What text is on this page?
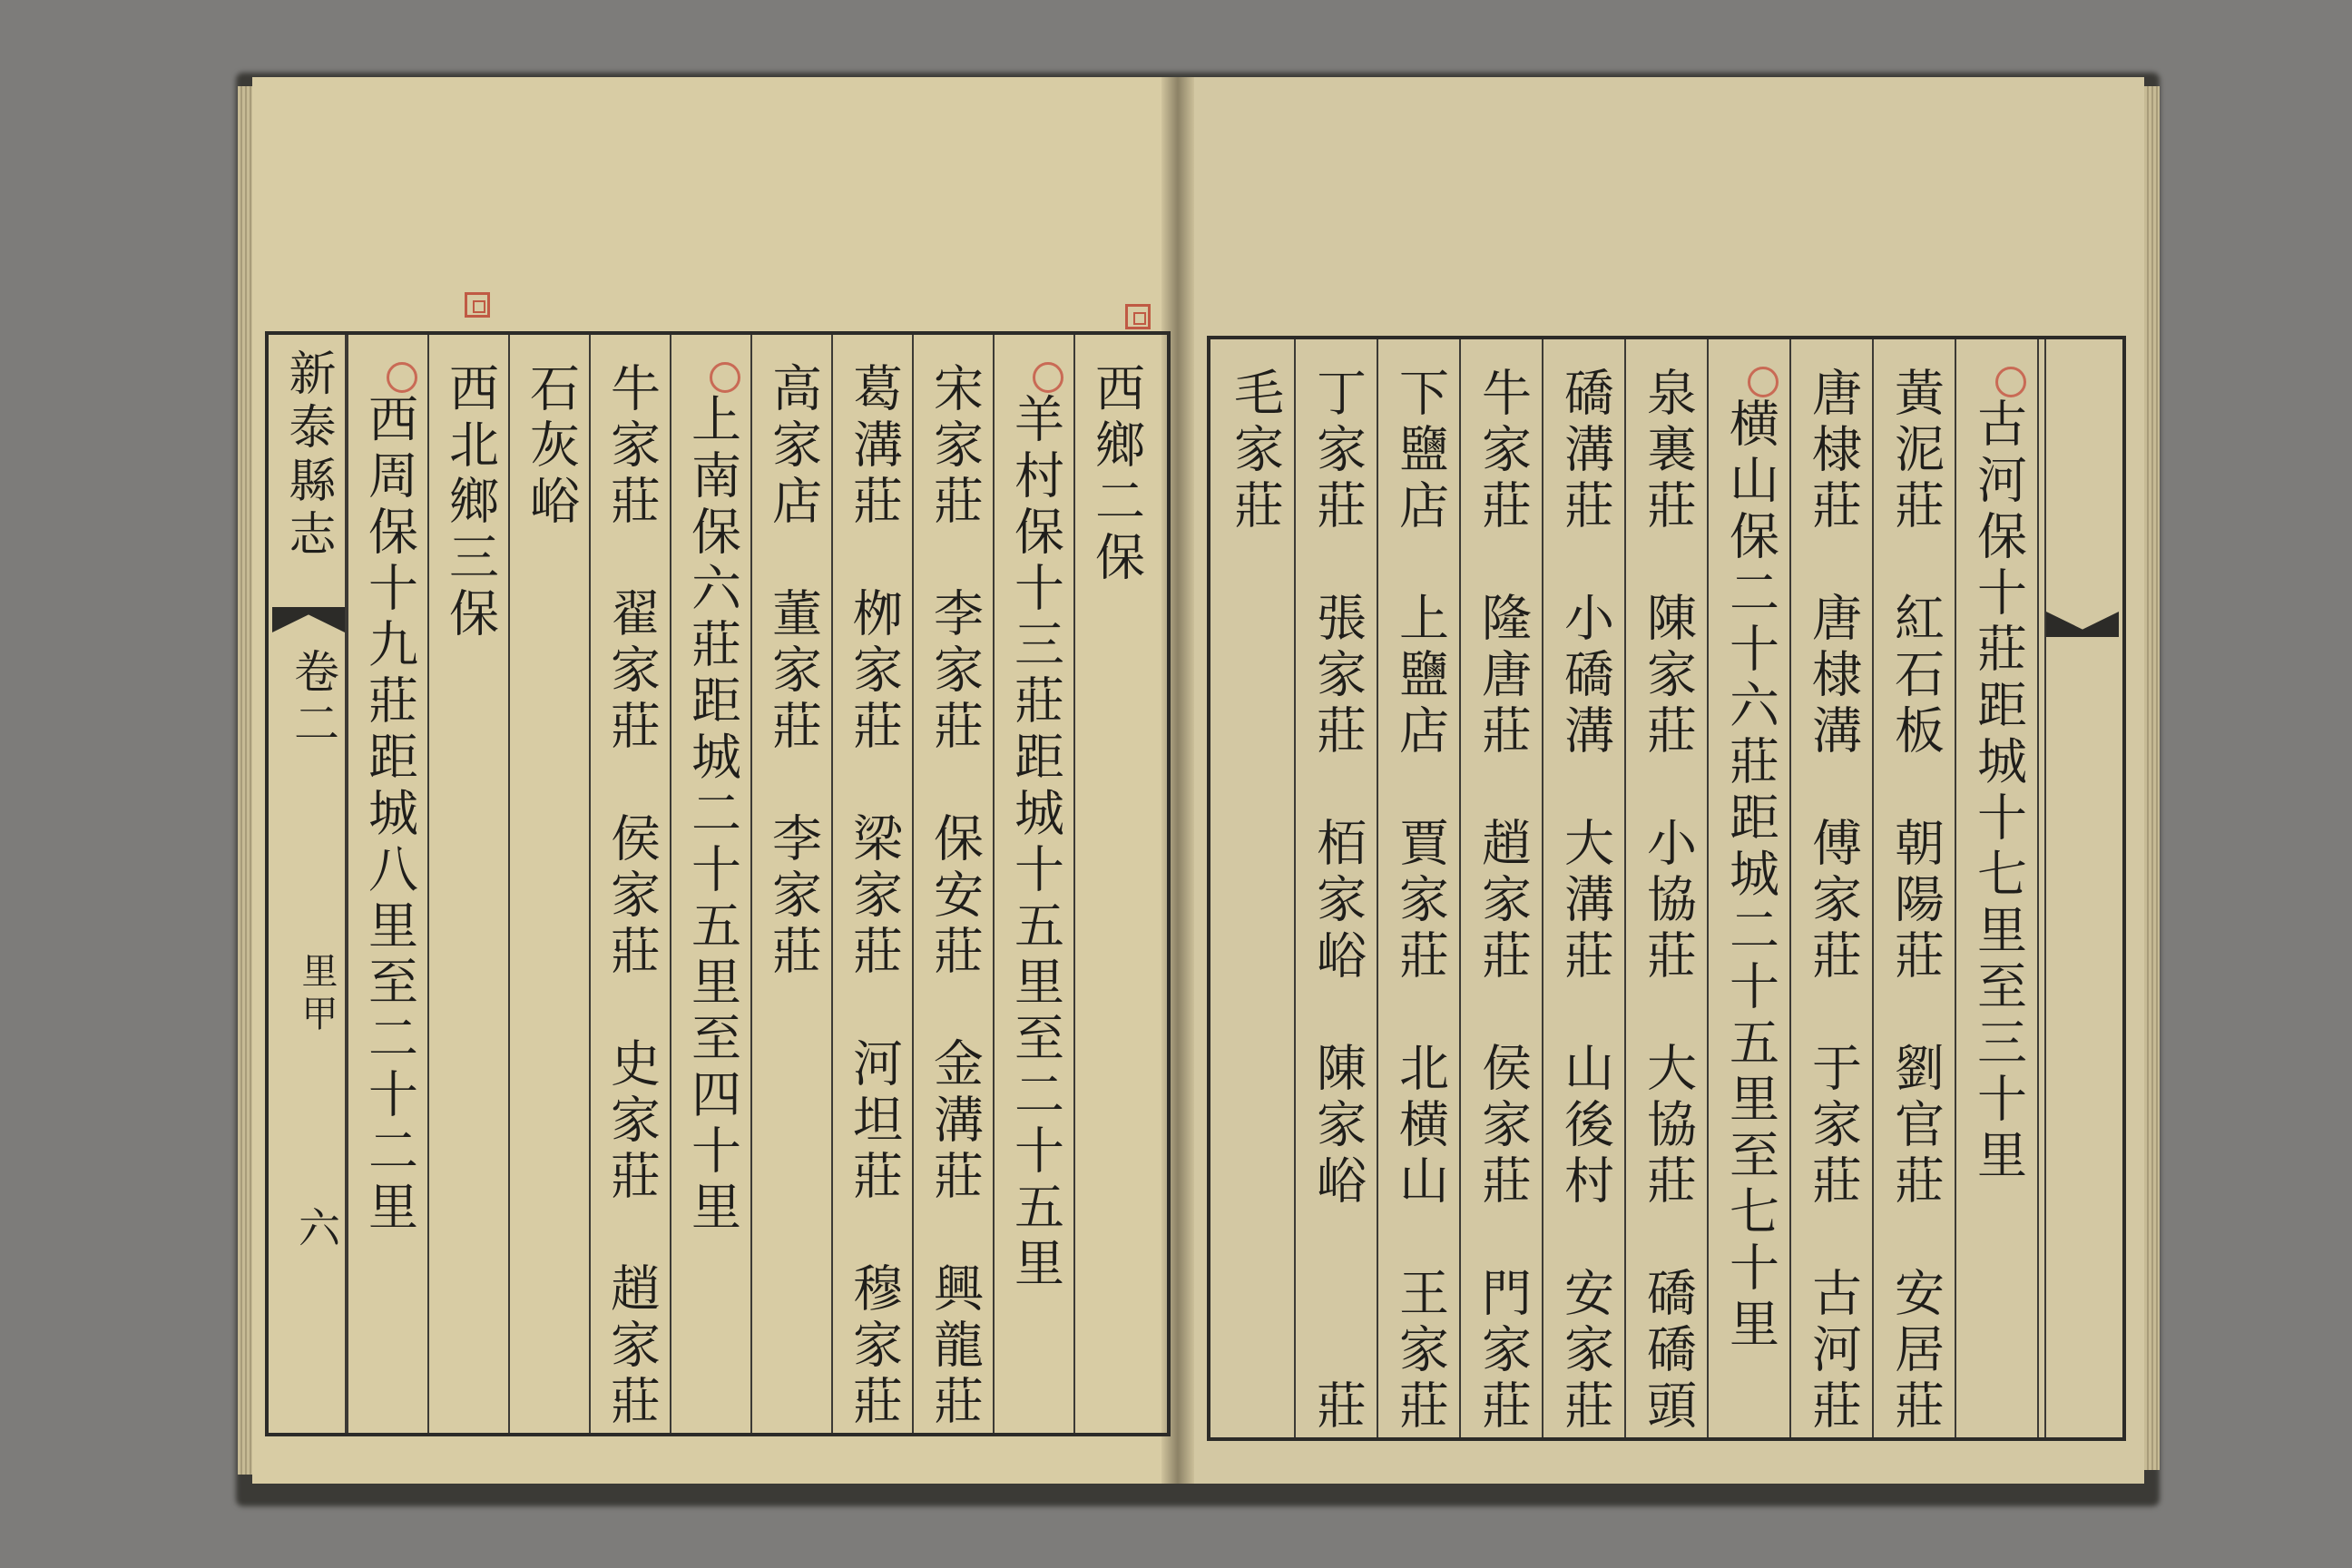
新泰縣志
卷二
里甲
六 西周保十九莊距城八里至二十二里 西北鄉三保 石灰峪 牛家莊　翟家莊　侯家莊　史家莊　趙家莊 上南保六莊距城二十五里至四十里 高家店　董家莊　李家莊 葛溝莊　栁家莊　梁家莊　河坦莊　穆家莊 宋家莊　李家莊　保安莊　金溝莊　興龍莊 羊村保十三莊距城十五里至二十五里 西鄉二保 毛家莊 丁家莊　張家莊　栢家峪　陳家峪　　　莊 下鹽店　上鹽店　賈家莊　北横山　王家莊 牛家莊　隆唐莊　趙家莊　侯家莊　門家莊 礄溝莊　小礄溝　大溝莊　山後村　安家莊 泉裏莊　陳家莊　小協莊　大協莊　礄礄頭 横山保二十六莊距城二十五里至七十里 唐棣莊　唐棣溝　傅家莊　于家莊　古河莊 黃泥莊　紅石板　朝陽莊　劉官莊　安居莊 古河保十莊距城十七里至三十里
